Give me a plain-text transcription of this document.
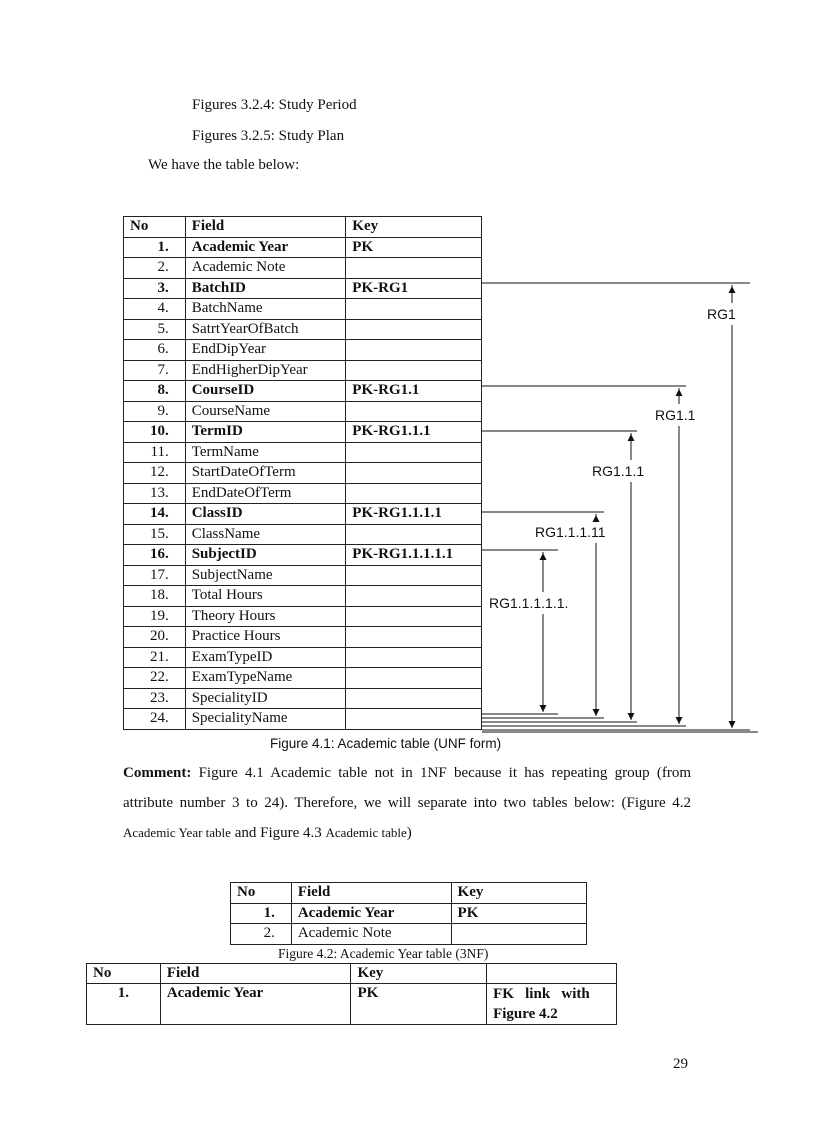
Figures 3.2.4: Study Period
Figures 3.2.5: Study Plan
We have the table below:
No	Field	Key
1.	Academic Year	PK
2.	Academic Note	
3.	BatchID	PK-RG1
4.	BatchName	
5.	SatrtYearOfBatch	
6.	EndDipYear	
7.	EndHigherDipYear	
8.	CourseID	PK-RG1.1
9.	CourseName	
10.	TermID	PK-RG1.1.1
11.	TermName	
12.	StartDateOfTerm	
13.	EndDateOfTerm	
14.	ClassID	PK-RG1.1.1.1
15.	ClassName	
16.	SubjectID	PK-RG1.1.1.1.1
17.	SubjectName	
18.	Total Hours	
19.	Theory Hours	
20.	Practice Hours	
21.	ExamTypeID	
22.	ExamTypeName	
23.	SpecialityID	
24.	SpecialityName	
RG1
RG1.1
RG1.1.1
RG1.1.1.11
RG1.1.1.1.1.
Figure 4.1: Academic table (UNF form)
Comment: Figure 4.1 Academic table not in 1NF because it has repeating group (from attribute number 3 to 24). Therefore, we will separate into two tables below: (Figure 4.2 Academic Year table and Figure 4.3 Academic table)
No	Field	Key
1.	Academic Year	PK
2.	Academic Note	
Figure 4.2: Academic Year table (3NF)
No	Field	Key	
1.	Academic Year	PK	FK   link   with
Figure 4.2
29
